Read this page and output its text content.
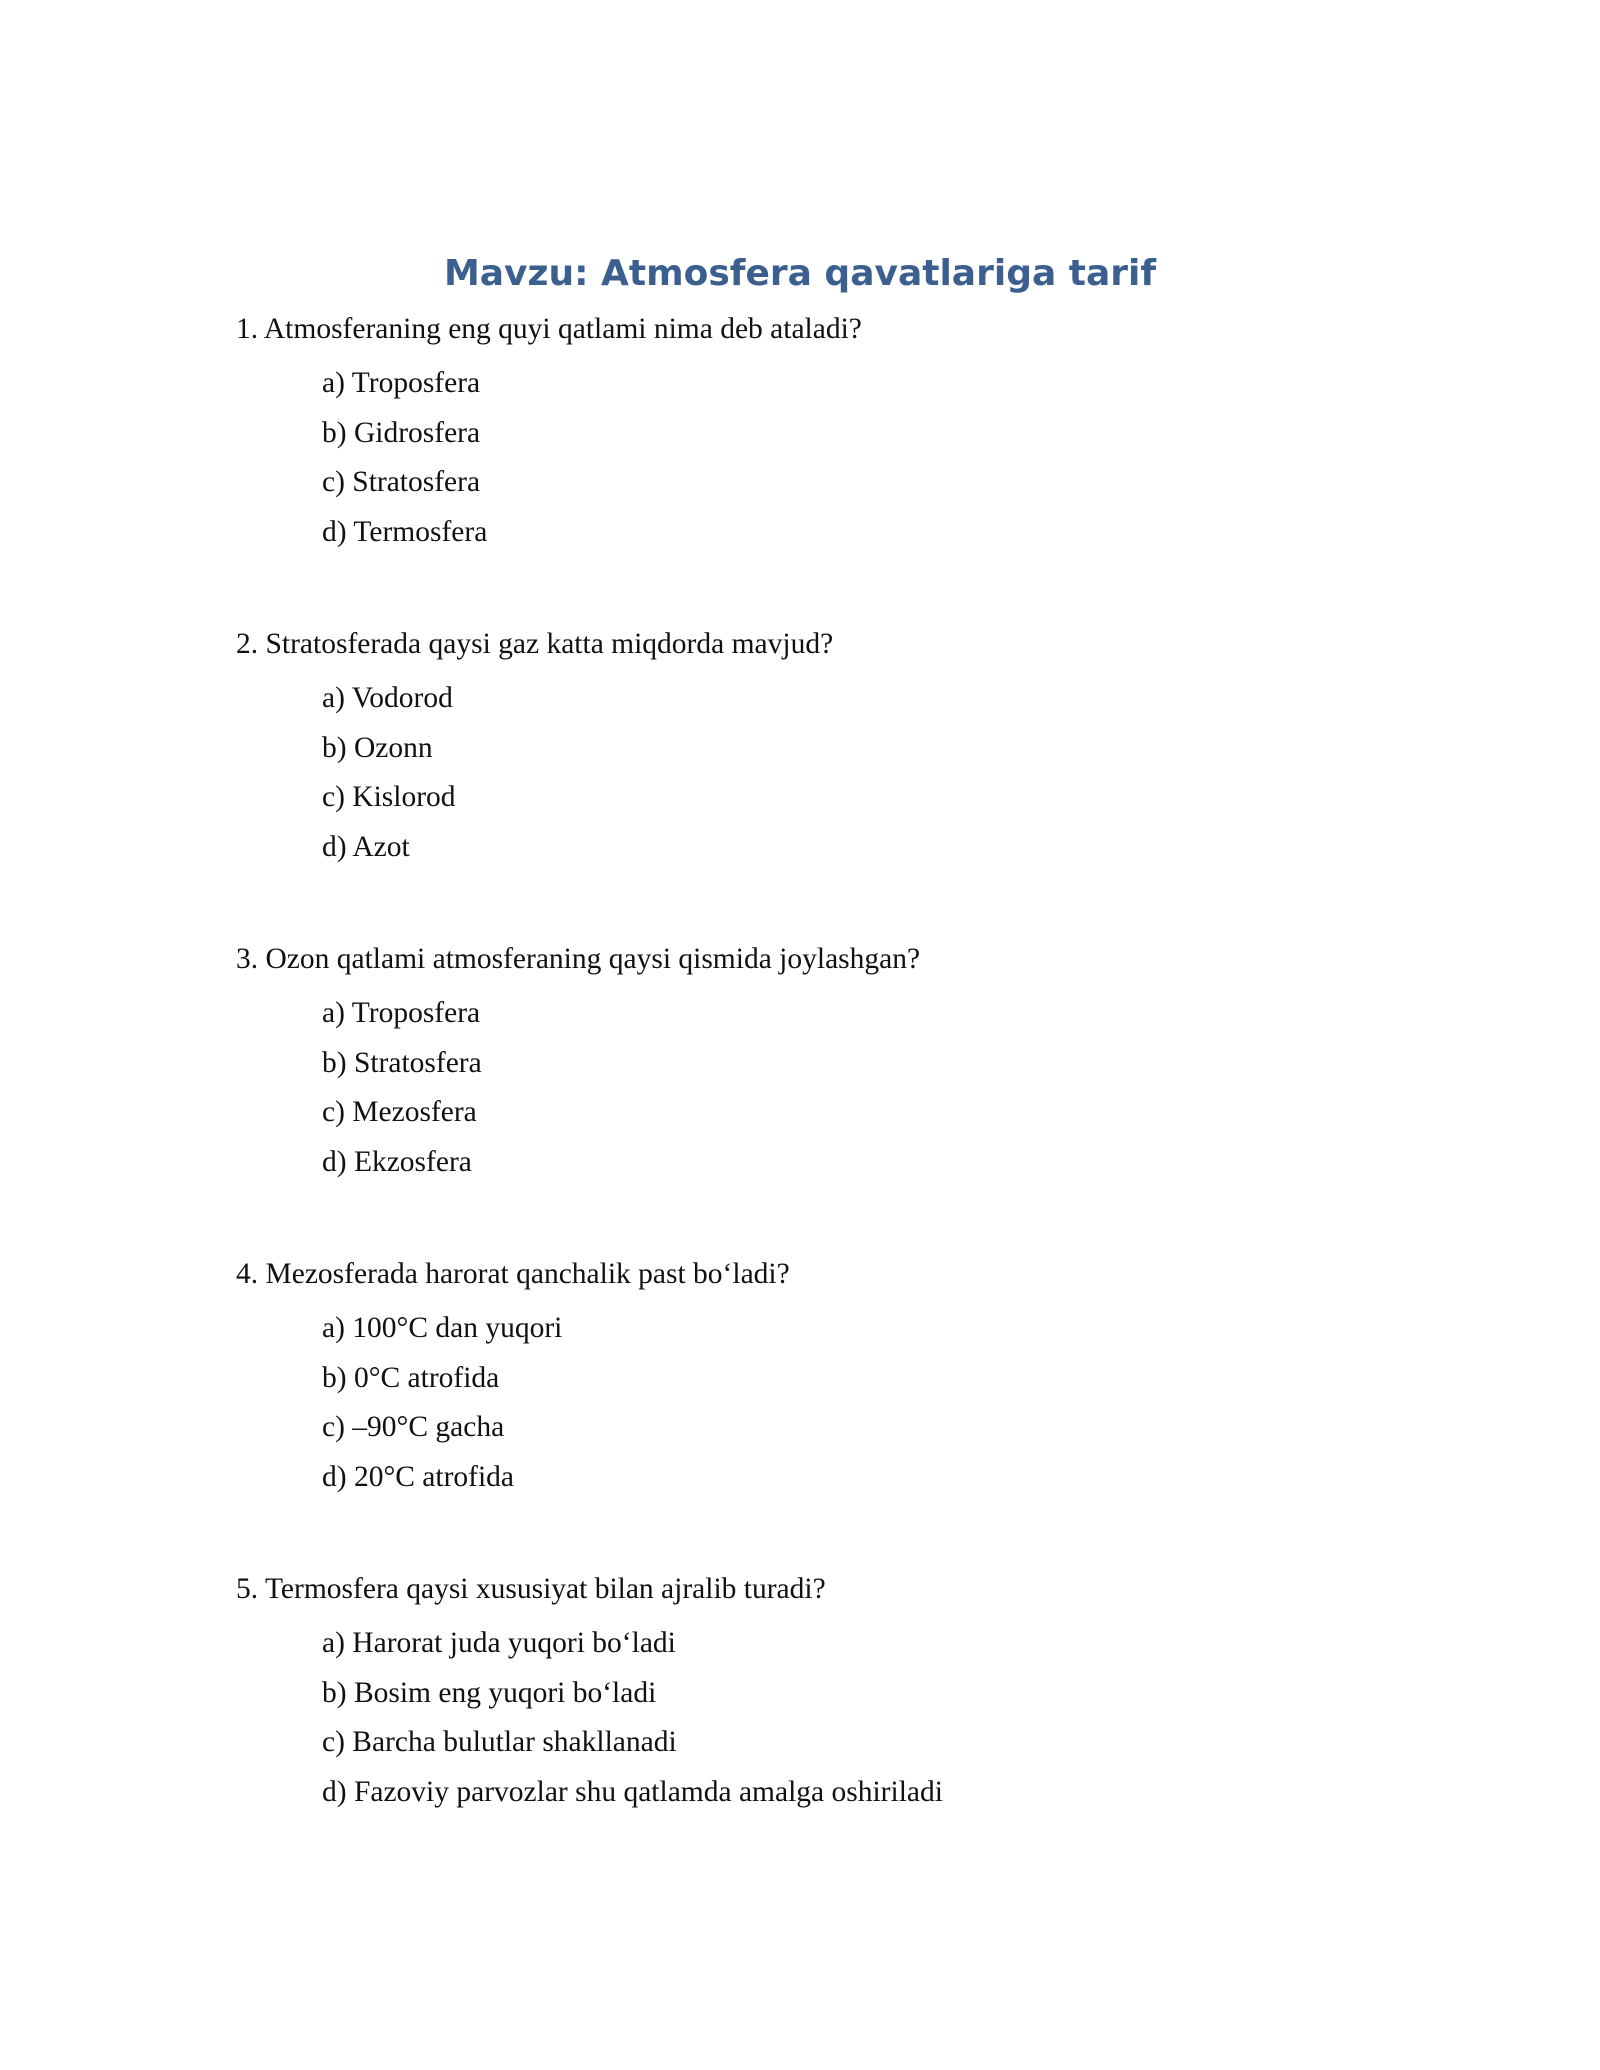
Mavzu: Atmosfera qavatlariga tarif

1. Atmosferaning eng quyi qatlami nima deb ataladi?

a) Troposfera
b) Gidrosfera
c) Stratosfera
d) Termosfera

2. Stratosferada qaysi gaz katta miqdorda mavjud?

a) Vodorod
b) Ozonn
c) Kislorod
d) Azot

3. Ozon qatlami atmosferaning qaysi qismida joylashgan?

a) Troposfera
b) Stratosfera
c) Mezosfera
d) Ekzosfera

4. Mezosferada harorat qanchalik past bo‘ladi?

a) 100°C dan yuqori
b) 0°C atrofida
c) –90°C gacha
d) 20°C atrofida

5. Termosfera qaysi xususiyat bilan ajralib turadi?

a) Harorat juda yuqori bo‘ladi
b) Bosim eng yuqori bo‘ladi
c) Barcha bulutlar shakllanadi
d) Fazoviy parvozlar shu qatlamda amalga oshiriladi
